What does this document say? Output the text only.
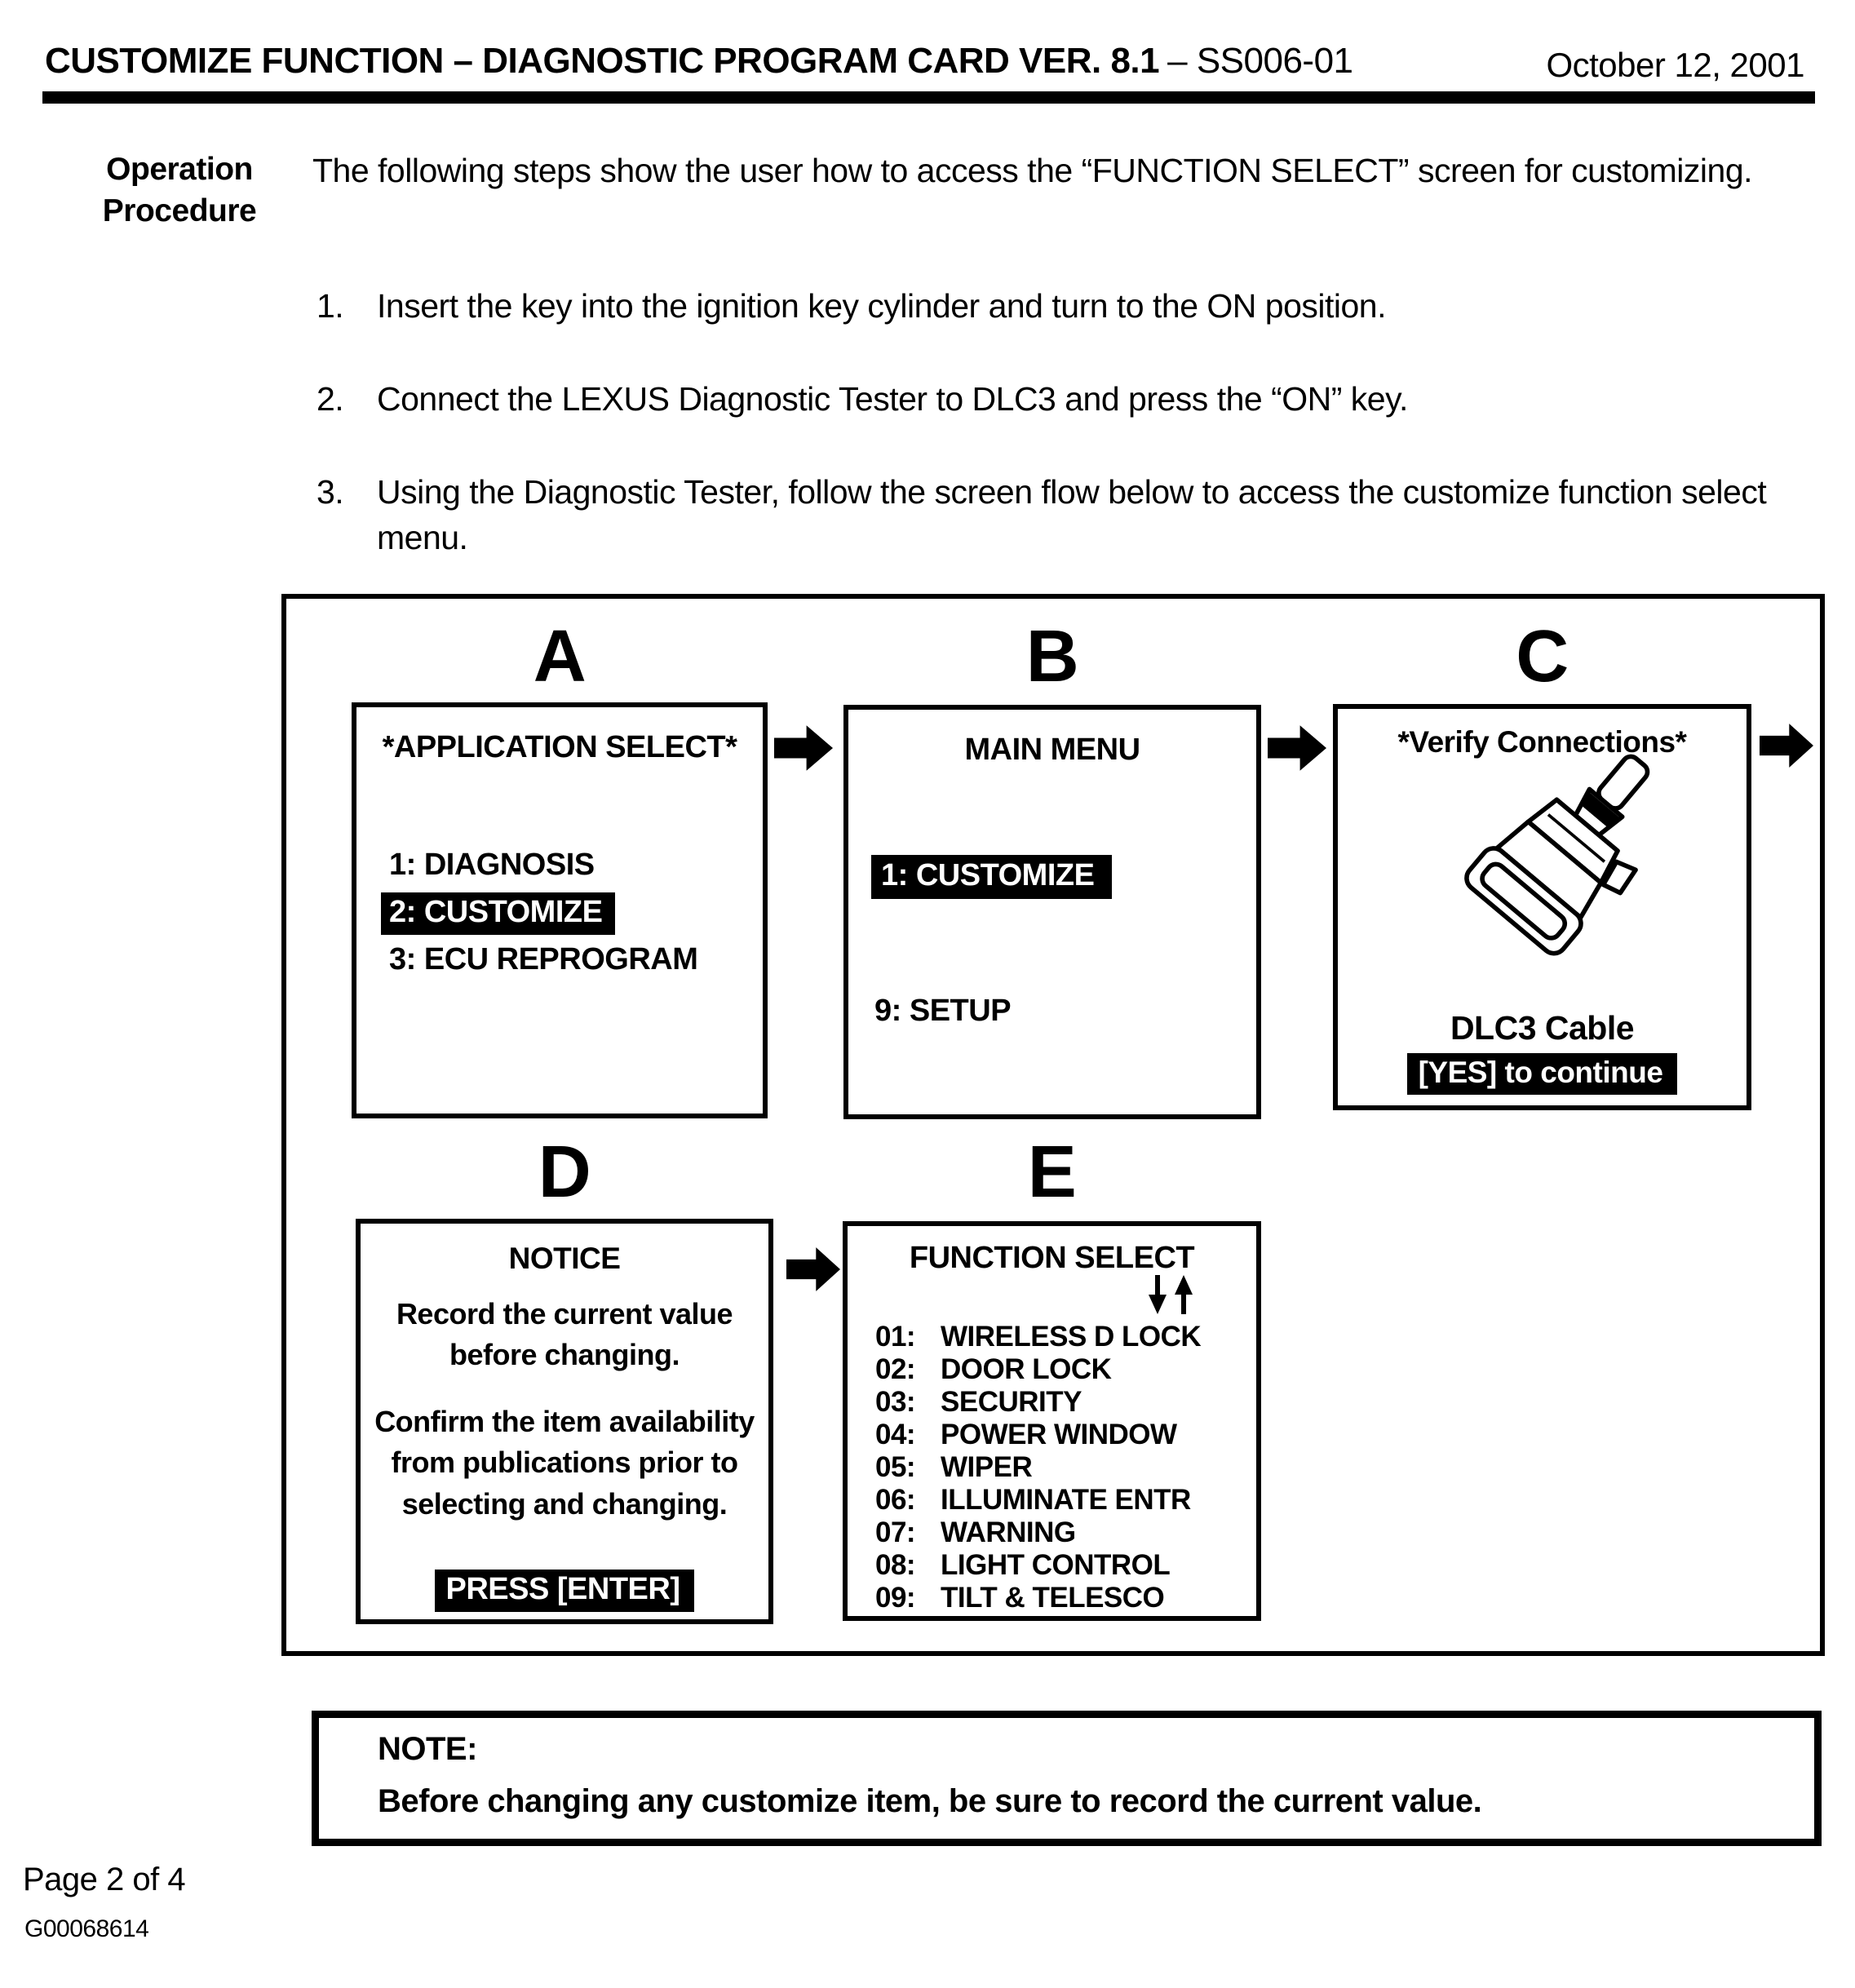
CUSTOMIZE FUNCTION – DIAGNOSTIC PROGRAM CARD VER. 8.1 – SS006-01	October 12, 2001
Operation
Procedure
The following steps show the user how to access the “FUNCTION SELECT” screen for customizing.
1. Insert the key into the ignition key cylinder and turn to the ON position.
2. Connect the LEXUS Diagnostic Tester to DLC3 and press the “ON” key.
3. Using the Diagnostic Tester, follow the screen flow below to access the customize function select menu.
A	B	C
*APPLICATION SELECT*
1: DIAGNOSIS
2: CUSTOMIZE
3: ECU REPROGRAM
MAIN MENU
1: CUSTOMIZE
9: SETUP
*Verify Connections*
DLC3 Cable
[YES] to continue
D	E
NOTICE
Record the current value before changing.
Confirm the item availability from publications prior to selecting and changing.
PRESS [ENTER]
FUNCTION SELECT
01: WIRELESS D LOCK
02: DOOR LOCK
03: SECURITY
04: POWER WINDOW
05: WIPER
06: ILLUMINATE ENTR
07: WARNING
08: LIGHT CONTROL
09: TILT & TELESCO
NOTE:
Before changing any customize item, be sure to record the current value.
Page 2 of 4
G00068614
